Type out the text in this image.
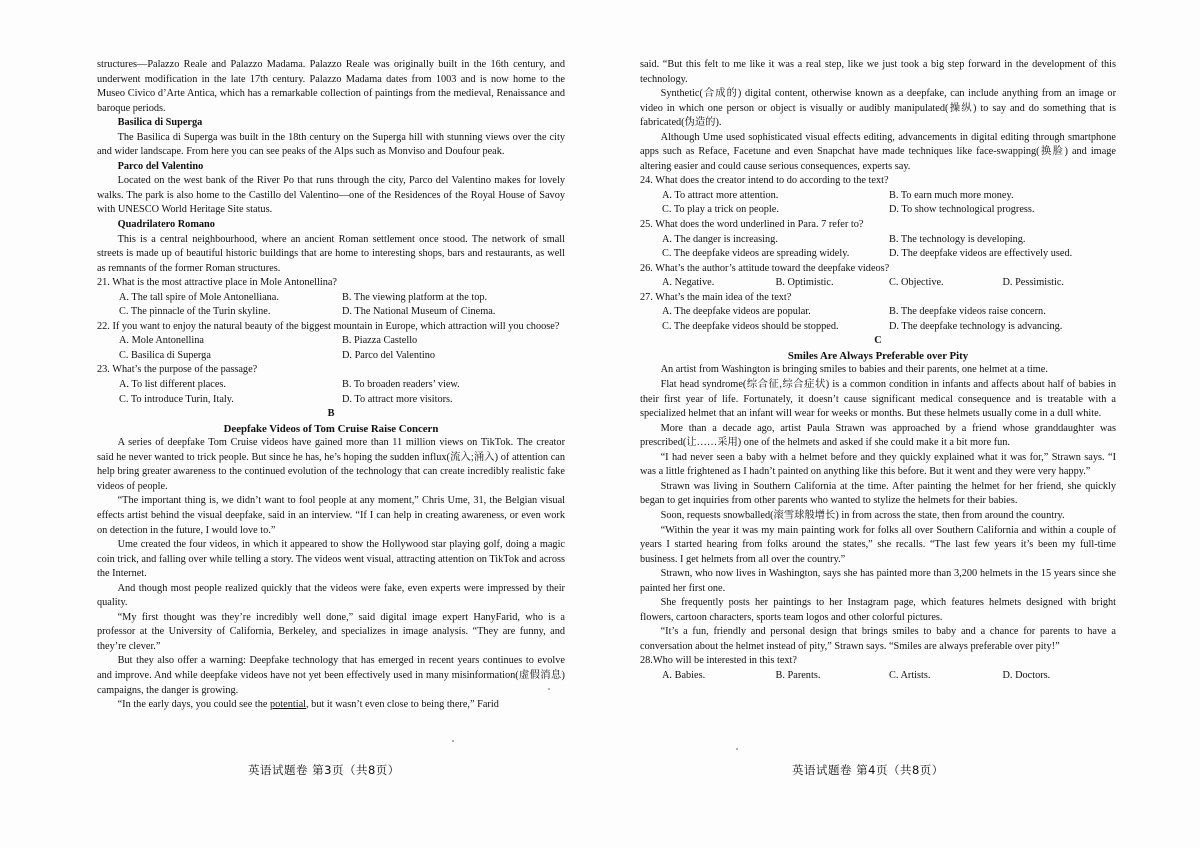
structures—Palazzo Reale and Palazzo Madama. Palazzo Reale was originally built in the 16th century, and underwent modification in the late 17th century. Palazzo Madama dates from 1003 and is now home to the Museo Civico d’Arte Antica, which has a remarkable collection of paintings from the medieval, Renaissance and baroque periods.

Basilica di Superga

The Basilica di Superga was built in the 18th century on the Superga hill with stunning views over the city and wider landscape. From here you can see peaks of the Alps such as Monviso and Doufour peak.

Parco del Valentino

Located on the west bank of the River Po that runs through the city, Parco del Valentino makes for lovely walks. The park is also home to the Castillo del Valentino—one of the Residences of the Royal House of Savoy with UNESCO World Heritage Site status.

Quadrilatero Romano

This is a central neighbourhood, where an ancient Roman settlement once stood. The network of small streets is made up of beautiful historic buildings that are home to interesting shops, bars and restaurants, as well as remnants of the former Roman structures.

21. What is the most attractive place in Mole Antonellina?

A. The tall spire of Mole Antonelliana.	B. The viewing platform at the top.
C. The pinnacle of the Turin skyline.	D. The National Museum of Cinema.

22. If you want to enjoy the natural beauty of the biggest mountain in Europe, which attraction will you choose?

A. Mole Antonellina	B. Piazza Castello
C. Basilica di Superga	D. Parco del Valentino

23. What’s the purpose of the passage?

A. To list different places.	B. To broaden readers’ view.
C. To introduce Turin, Italy.	D. To attract more visitors.

B

Deepfake Videos of Tom Cruise Raise Concern

A series of deepfake Tom Cruise videos have gained more than 11 million views on TikTok. The creator said he never wanted to trick people. But since he has, he’s hoping the sudden influx(流入;涌入) of attention can help bring greater awareness to the continued evolution of the technology that can create incredibly realistic fake videos of people.

“The important thing is, we didn’t want to fool people at any moment,” Chris Ume, 31, the Belgian visual effects artist behind the visual deepfake, said in an interview. “If I can help in creating awareness, or even work on detection in the future, I would love to.”

Ume created the four videos, in which it appeared to show the Hollywood star playing golf, doing a magic coin trick, and falling over while telling a story. The videos went visual, attracting attention on TikTok and across the Internet.

And though most people realized quickly that the videos were fake, even experts were impressed by their quality.

“My first thought was they’re incredibly well done,” said digital image expert HanyFarid, who is a professor at the University of California, Berkeley, and specializes in image analysis. “They are funny, and they’re clever.”

But they also offer a warning: Deepfake technology that has emerged in recent years continues to evolve and improve. And while deepfake videos have not yet been effectively used in many misinformation(虚假消息) campaigns, the danger is growing.

“In the early days, you could see the potential, but it wasn’t even close to being there,” Farid

英语试题卷 第3页（共8页）

said. “But this felt to me like it was a real step, like we just took a big step forward in the development of this technology.

Synthetic(合成的) digital content, otherwise known as a deepfake, can include anything from an image or video in which one person or object is visually or audibly manipulated(操纵) to say and do something that is fabricated(伪造的).

Although Ume used sophisticated visual effects editing, advancements in digital editing through smartphone apps such as Reface, Facetune and even Snapchat have made techniques like face-swapping(换脸) and image altering easier and could cause serious consequences, experts say.

24. What does the creator intend to do according to the text?

A. To attract more attention.	B. To earn much more money.
C. To play a trick on people.	D. To show technological progress.

25. What does the word underlined in Para. 7 refer to?

A. The danger is increasing.	B. The technology is developing.
C. The deepfake videos are spreading widely.	D. The deepfake videos are effectively used.

26. What’s the author’s attitude toward the deepfake videos?

A. Negative.	B. Optimistic.	C. Objective.	D. Pessimistic.

27. What’s the main idea of the text?

A. The deepfake videos are popular.	B. The deepfake videos raise concern.
C. The deepfake videos should be stopped.	D. The deepfake technology is advancing.

C

Smiles Are Always Preferable over Pity

An artist from Washington is bringing smiles to babies and their parents, one helmet at a time.

Flat head syndrome(综合征,综合症状) is a common condition in infants and affects about half of babies in their first year of life. Fortunately, it doesn’t cause significant medical consequence and is treatable with a specialized helmet that an infant will wear for weeks or months. But these helmets usually come in a dull white.

More than a decade ago, artist Paula Strawn was approached by a friend whose granddaughter was prescribed(让……采用) one of the helmets and asked if she could make it a bit more fun.

“I had never seen a baby with a helmet before and they quickly explained what it was for,” Strawn says. “I was a little frightened as I hadn’t painted on anything like this before. But it went and they were very happy.”

Strawn was living in Southern California at the time. After painting the helmet for her friend, she quickly began to get inquiries from other parents who wanted to stylize the helmets for their babies.

Soon, requests snowballed(滚雪球般增长) in from across the state, then from around the country.

“Within the year it was my main painting work for folks all over Southern California and within a couple of years I started hearing from folks around the states,” she recalls. “The last few years it’s been my full-time business. I get helmets from all over the country.”

Strawn, who now lives in Washington, says she has painted more than 3,200 helmets in the 15 years since she painted her first one.

She frequently posts her paintings to her Instagram page, which features helmets designed with bright flowers, cartoon characters, sports team logos and other colorful pictures.

“It’s a fun, friendly and personal design that brings smiles to baby and a chance for parents to have a conversation about the helmet instead of pity,” Strawn says. “Smiles are always preferable over pity!”

28.Who will be interested in this text?

A. Babies.	B. Parents.	C. Artists.	D. Doctors.
英语试题卷 第4页（共8页）
